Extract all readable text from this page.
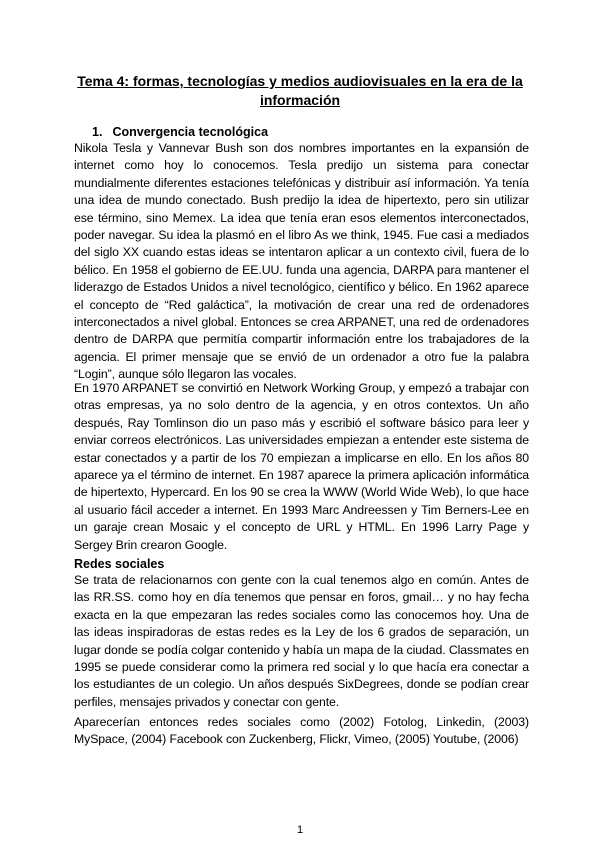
Tema 4: formas, tecnologías y medios audiovisuales en la era de la información
1. Convergencia tecnológica

Nikola Tesla y Vannevar Bush son dos nombres importantes en la expansión de internet como hoy lo conocemos. Tesla predijo un sistema para conectar mundialmente diferentes estaciones telefónicas y distribuir así información. Ya tenía una idea de mundo conectado. Bush predijo la idea de hipertexto, pero sin utilizar ese término, sino Memex. La idea que tenía eran esos elementos interconectados, poder navegar. Su idea la plasmó en el libro As we think, 1945. Fue casi a mediados del siglo XX cuando estas ideas se intentaron aplicar a un contexto civil, fuera de lo bélico. En 1958 el gobierno de EE.UU. funda una agencia, DARPA para mantener el liderazgo de Estados Unidos a nivel tecnológico, científico y bélico. En 1962 aparece el concepto de “Red galáctica”, la motivación de crear una red de ordenadores interconectados a nivel global. Entonces se crea ARPANET, una red de ordenadores dentro de DARPA que permitía compartir información entre los trabajadores de la agencia. El primer mensaje que se envió de un ordenador a otro fue la palabra “Login”, aunque sólo llegaron las vocales.

En 1970 ARPANET se convirtió en Network Working Group, y empezó a trabajar con otras empresas, ya no solo dentro de la agencia, y en otros contextos. Un año después, Ray Tomlinson dio un paso más y escribió el software básico para leer y enviar correos electrónicos. Las universidades empiezan a entender este sistema de estar conectados y a partir de los 70 empiezan a implicarse en ello. En los años 80 aparece ya el término de internet. En 1987 aparece la primera aplicación informática de hipertexto, Hypercard. En los 90 se crea la WWW (World Wide Web), lo que hace al usuario fácil acceder a internet. En 1993 Marc Andreessen y Tim Berners-Lee en un garaje crean Mosaic y el concepto de URL y HTML. En 1996 Larry Page y Sergey Brin crearon Google.

Redes sociales

Se trata de relacionarnos con gente con la cual tenemos algo en común. Antes de las RR.SS. como hoy en día tenemos que pensar en foros, gmail… y no hay fecha exacta en la que empezaran las redes sociales como las conocemos hoy. Una de las ideas inspiradoras de estas redes es la Ley de los 6 grados de separación, un lugar donde se podía colgar contenido y había un mapa de la ciudad. Classmates en 1995 se puede considerar como la primera red social y lo que hacía era conectar a los estudiantes de un colegio. Un años después SixDegrees, donde se podían crear perfiles, mensajes privados y conectar con gente.

Aparecerían entonces redes sociales como (2002) Fotolog, Linkedin, (2003) MySpace, (2004) Facebook con Zuckenberg, Flickr, Vimeo, (2005) Youtube, (2006)

1
